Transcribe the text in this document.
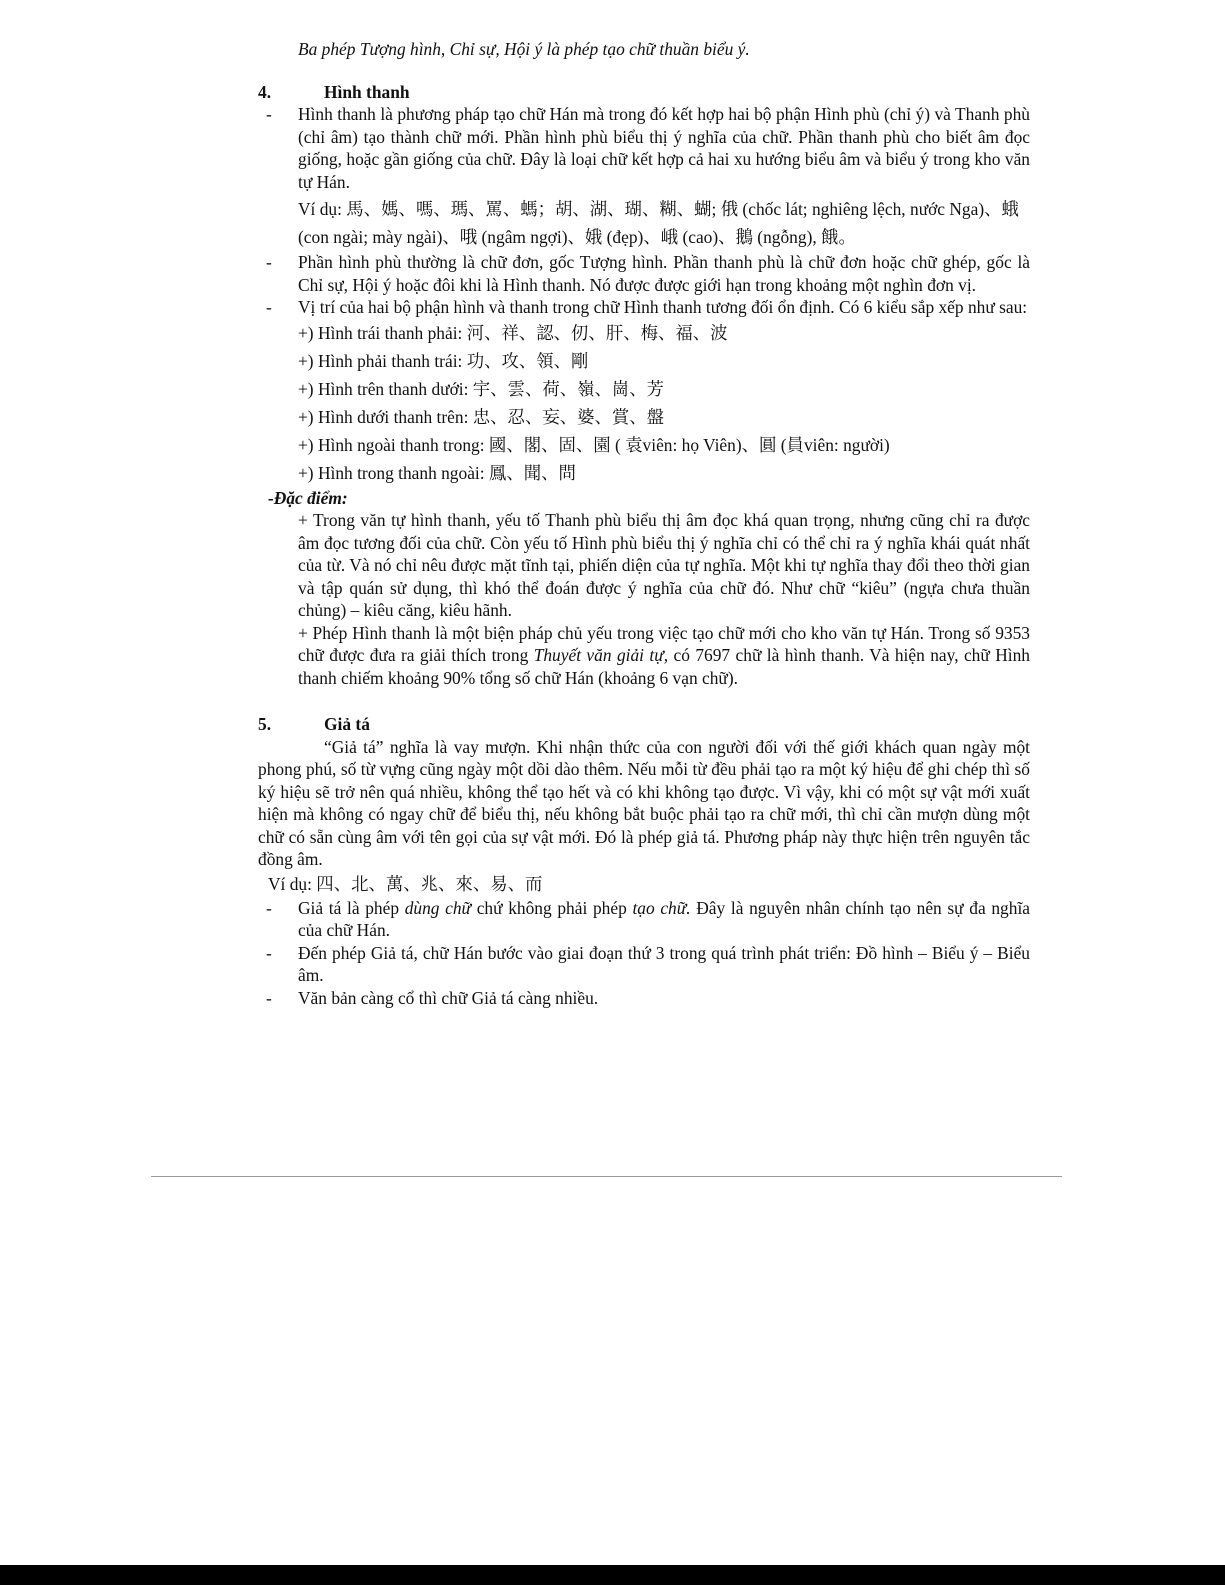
Ba phép Tượng hình, Chỉ sự, Hội ý là phép tạo chữ thuần biểu ý.
4.	Hình thanh
-	Hình thanh là phương pháp tạo chữ Hán mà trong đó kết hợp hai bộ phận Hình phù (chỉ ý) và Thanh phù (chỉ âm) tạo thành chữ mới. Phần hình phù biểu thị ý nghĩa của chữ. Phần thanh phù cho biết âm đọc giống, hoặc gần giống của chữ. Đây là loại chữ kết hợp cả hai xu hướng biểu âm và biểu ý trong kho văn tự Hán.
Ví dụ: 馬、媽、嗎、瑪、罵、螞；胡、湖、瑚、糊、蝴; 俄 (chốc lát; nghiêng lệch, nước Nga)、蛾 (con ngài; mày ngài)、哦 (ngâm ngợi)、娥 (đẹp)、峨 (cao)、鵝 (ngỗng), 餓。
-	Phần hình phù thường là chữ đơn, gốc Tượng hình. Phần thanh phù là chữ đơn hoặc chữ ghép, gốc là Chỉ sự, Hội ý hoặc đôi khi là Hình thanh. Nó được được giới hạn trong khoảng một nghìn đơn vị.
-	Vị trí của hai bộ phận hình và thanh trong chữ Hình thanh tương đối ổn định. Có 6 kiểu sắp xếp như sau:
+) Hình trái thanh phải: 河、祥、認、仞、肝、梅、福、波
+) Hình phải thanh trái: 功、攻、領、剛
+) Hình trên thanh dưới: 宇、雲、荷、嶺、崗、芳
+) Hình dưới thanh trên: 忠、忍、妄、婆、賞、盤
+) Hình ngoài thanh trong: 國、閣、固、園 ( 袁viên: họ Viên)、圓 (員viên: người)
+) Hình trong thanh ngoài: 鳳、聞、問
-Đặc điểm:
+ Trong văn tự hình thanh, yếu tố Thanh phù biểu thị âm đọc khá quan trọng, nhưng cũng chỉ ra được âm đọc tương đối của chữ. Còn yếu tố Hình phù biểu thị ý nghĩa chỉ có thể chỉ ra ý nghĩa khái quát nhất của từ. Và nó chỉ nêu được mặt tĩnh tại, phiến diện của tự nghĩa. Một khi tự nghĩa thay đổi theo thời gian và tập quán sử dụng, thì khó thể đoán được ý nghĩa của chữ đó. Như chữ “kiêu” (ngựa chưa thuần chủng) – kiêu căng, kiêu hãnh.
+ Phép Hình thanh là một biện pháp chủ yếu trong việc tạo chữ mới cho kho văn tự Hán. Trong số 9353 chữ được đưa ra giải thích trong Thuyết văn giải tự, có 7697 chữ là hình thanh. Và hiện nay, chữ Hình thanh chiếm khoảng 90% tổng số chữ Hán (khoảng 6 vạn chữ).
5.	Giả tá
“Giả tá” nghĩa là vay mượn. Khi nhận thức của con người đối với thế giới khách quan ngày một phong phú, số từ vựng cũng ngày một dồi dào thêm. Nếu mỗi từ đều phải tạo ra một ký hiệu để ghi chép thì số ký hiệu sẽ trở nên quá nhiều, không thể tạo hết và có khi không tạo được. Vì vậy, khi có một sự vật mới xuất hiện mà không có ngay chữ để biểu thị, nếu không bắt buộc phải tạo ra chữ mới, thì chỉ cần mượn dùng một chữ có sẵn cùng âm với tên gọi của sự vật mới. Đó là phép giả tá. Phương pháp này thực hiện trên nguyên tắc đồng âm.
Ví dụ: 四、北、萬、兆、來、易、而
-	Giả tá là phép dùng chữ chứ không phải phép tạo chữ. Đây là nguyên nhân chính tạo nên sự đa nghĩa của chữ Hán.
-	Đến phép Giả tá, chữ Hán bước vào giai đoạn thứ 3 trong quá trình phát triển: Đồ hình – Biểu ý – Biểu âm.
-	Văn bản càng cổ thì chữ Giả tá càng nhiều.
